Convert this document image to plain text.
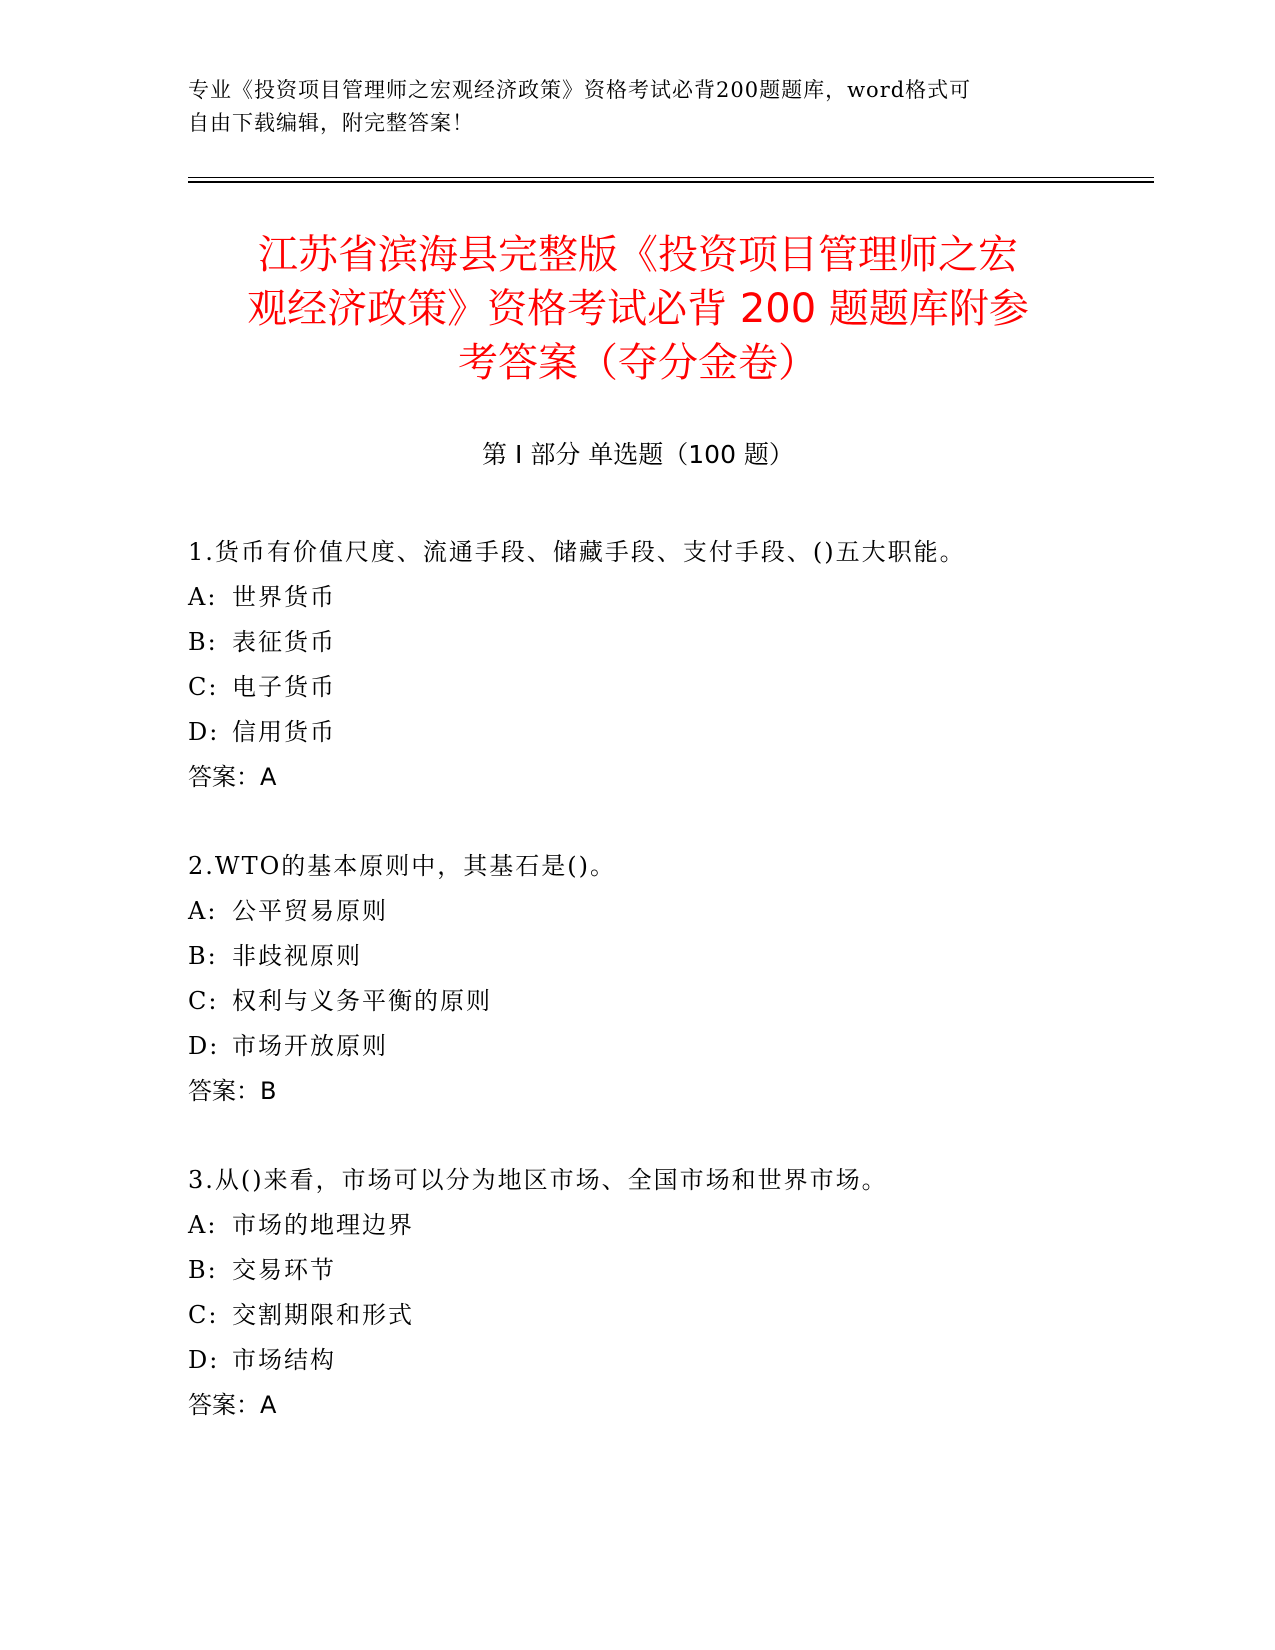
专业《投资项目管理师之宏观经济政策》资格考试必背200题题库，word格式可
自由下载编辑，附完整答案！
江苏省滨海县完整版《投资项目管理师之宏
观经济政策》资格考试必背 200 题题库附参
考答案（夺分金卷）
第 I 部分 单选题（100 题）
1.货币有价值尺度、流通手段、储藏手段、支付手段、()五大职能。
A: 世界货币
B: 表征货币
C: 电子货币
D: 信用货币
答案：A
2.WTO的基本原则中，其基石是()。
A: 公平贸易原则
B: 非歧视原则
C: 权利与义务平衡的原则
D: 市场开放原则
答案：B
3.从()来看，市场可以分为地区市场、全国市场和世界市场。
A: 市场的地理边界
B: 交易环节
C: 交割期限和形式
D: 市场结构
答案：A
